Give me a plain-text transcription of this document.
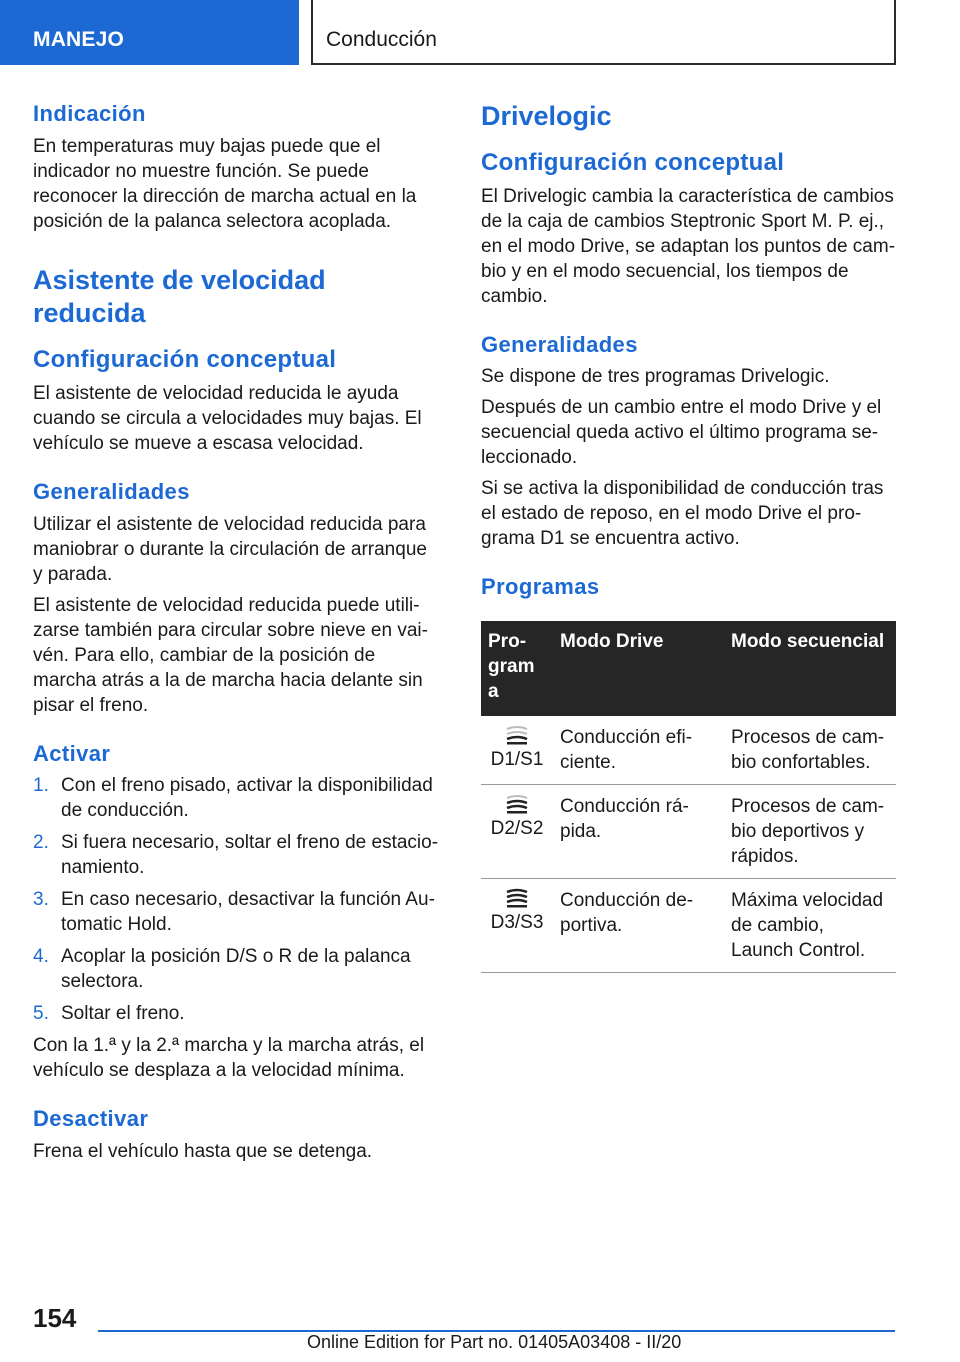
MANEJO	Conducción
Indicación

En temperaturas muy bajas puede que el indicador no muestre función. Se puede reconocer la dirección de marcha actual en la posición de la palanca selectora acoplada.

Asistente de velocidad reducida
Configuración conceptual

El asistente de velocidad reducida le ayuda cuando se circula a velocidades muy bajas. El vehículo se mueve a escasa velocidad.

Generalidades

Utilizar el asistente de velocidad reducida para maniobrar o durante la circulación de arranque y parada.

El asistente de velocidad reducida puede utilizarse también para circular sobre nieve en vaivén. Para ello, cambiar de la posición de marcha atrás a la de marcha hacia delante sin pisar el freno.

Activar
1. Con el freno pisado, activar la disponibilidad de conducción.
2. Si fuera necesario, soltar el freno de estacionamiento.
3. En caso necesario, desactivar la función Automatic Hold.
4. Acoplar la posición D/S o R de la palanca selectora.
5. Soltar el freno.

Con la 1.ª y la 2.ª marcha y la marcha atrás, el vehículo se desplaza a la velocidad mínima.

Desactivar

Frena el vehículo hasta que se detenga.

Drivelogic
Configuración conceptual

El Drivelogic cambia la característica de cambios de la caja de cambios Steptronic Sport M. P. ej., en el modo Drive, se adaptan los puntos de cambio y en el modo secuencial, los tiempos de cambio.

Generalidades

Se dispone de tres programas Drivelogic.

Después de un cambio entre el modo Drive y el secuencial queda activo el último programa seleccionado.

Si se activa la disponibilidad de conducción tras el estado de reposo, en el modo Drive el programa D1 se encuentra activo.

Programas
Program a	Modo Drive	Modo secuencial

D1/S1	Conducción eficiente.	Procesos de cambio confortables.

D2/S2	Conducción rápida.	Procesos de cambio deportivos y rápidos.

D3/S3	Conducción deportiva.	Máxima velocidad de cambio, Launch Control.
154
Online Edition for Part no. 01405A03408 - II/20
